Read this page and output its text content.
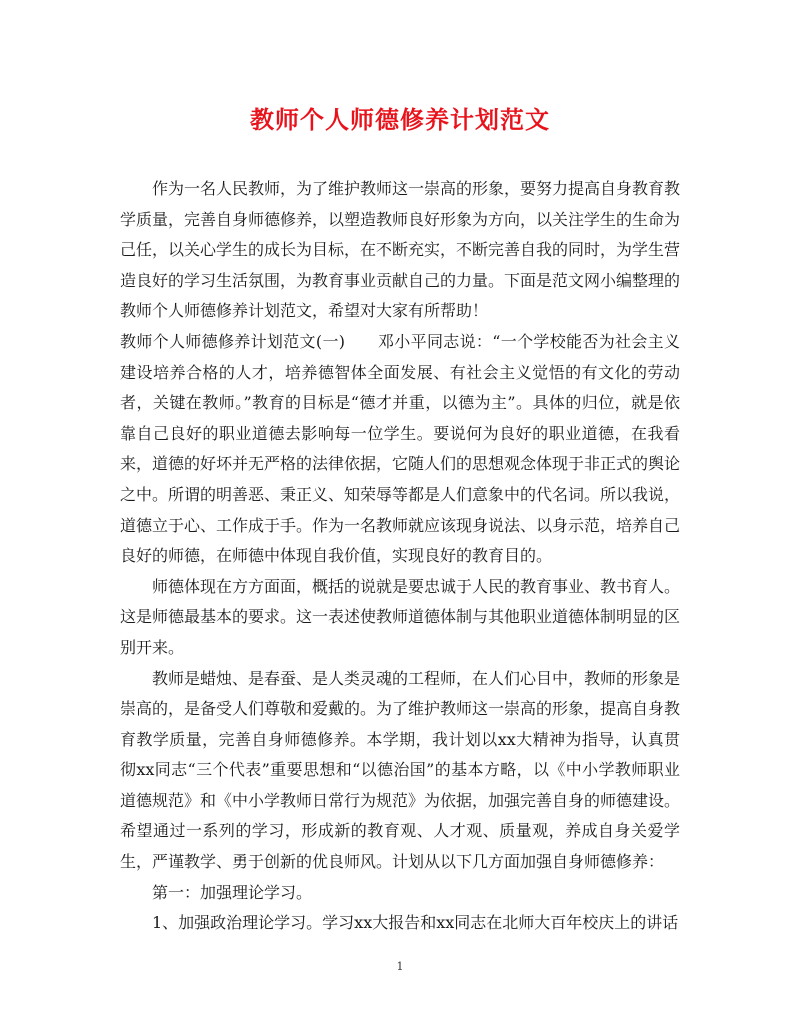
教师个人师德修养计划范文

作为一名人民教师，为了维护教师这一崇高的形象，要努力提高自身教育教学质量，完善自身师德修养，以塑造教师良好形象为方向，以关注学生的生命为己任，以关心学生的成长为目标，在不断充实，不断完善自我的同时，为学生营造良好的学习生活氛围，为教育事业贡献自己的力量。下面是范文网小编整理的教师个人师德修养计划范文，希望对大家有所帮助！

教师个人师德修养计划范文(一)　　邓小平同志说：“一个学校能否为社会主义建设培养合格的人才，培养德智体全面发展、有社会主义觉悟的有文化的劳动者，关键在教师。”教育的目标是“德才并重，以德为主”。具体的归位，就是依靠自己良好的职业道德去影响每一位学生。要说何为良好的职业道德，在我看来，道德的好坏并无严格的法律依据，它随人们的思想观念体现于非正式的舆论之中。所谓的明善恶、秉正义、知荣辱等都是人们意象中的代名词。所以我说，道德立于心、工作成于手。作为一名教师就应该现身说法、以身示范，培养自己良好的师德，在师德中体现自我价值，实现良好的教育目的。

师德体现在方方面面，概括的说就是要忠诚于人民的教育事业、教书育人。这是师德最基本的要求。这一表述使教师道德体制与其他职业道德体制明显的区别开来。

教师是蜡烛、是春蚕、是人类灵魂的工程师，在人们心目中，教师的形象是崇高的，是备受人们尊敬和爱戴的。为了维护教师这一崇高的形象，提高自身教育教学质量，完善自身师德修养。本学期，我计划以xx大精神为指导，认真贯彻xx同志“三个代表”重要思想和“以德治国”的基本方略，以《中小学教师职业道德规范》和《中小学教师日常行为规范》为依据，加强完善自身的师德建设。希望通过一系列的学习，形成新的教育观、人才观、质量观，养成自身关爱学生，严谨教学、勇于创新的优良师风。计划从以下几方面加强自身师德修养：

第一：加强理论学习。

1、加强政治理论学习。学习xx大报告和xx同志在北师大百年校庆上的讲话

1
